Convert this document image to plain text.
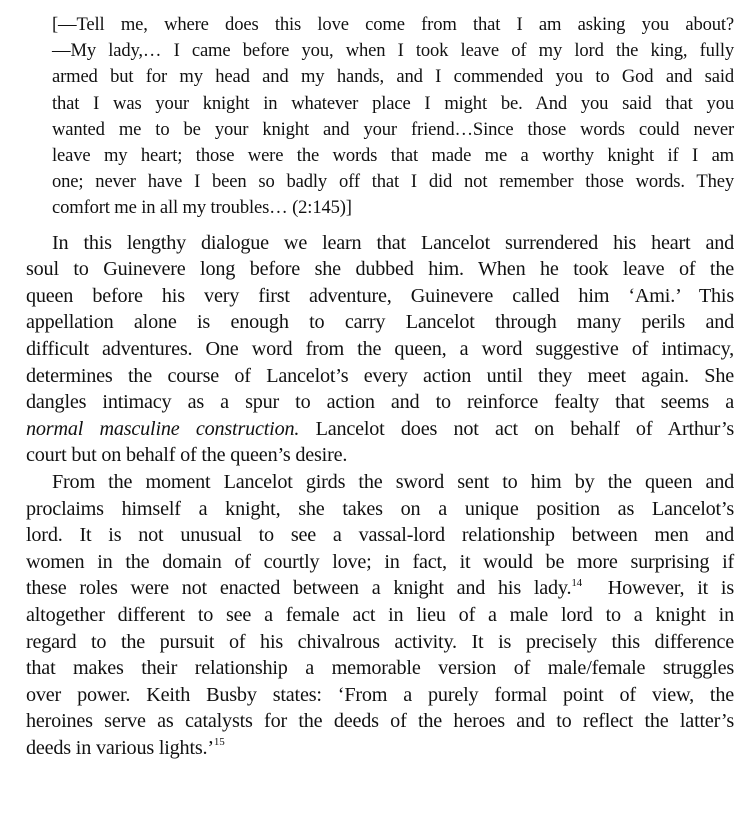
[—Tell me, where does this love come from that I am asking you about?
—My lady,… I came before you, when I took leave of my lord the king, fully
armed but for my head and my hands, and I commended you to God and said
that I was your knight in whatever place I might be. And you said that you
wanted me to be your knight and your friend…Since those words could never
leave my heart; those were the words that made me a worthy knight if I am
one; never have I been so badly off that I did not remember those words. They
comfort me in all my troubles… (2:145)]
In this lengthy dialogue we learn that Lancelot surrendered his heart and
soul to Guinevere long before she dubbed him. When he took leave of the
queen before his very first adventure, Guinevere called him ‘Ami.’ This
appellation alone is enough to carry Lancelot through many perils and
difficult adventures. One word from the queen, a word suggestive of intimacy,
determines the course of Lancelot’s every action until they meet again. She
dangles intimacy as a spur to action and to reinforce fealty that seems a
normal masculine construction. Lancelot does not act on behalf of Arthur’s
court but on behalf of the queen’s desire.
From the moment Lancelot girds the sword sent to him by the queen and
proclaims himself a knight, she takes on a unique position as Lancelot’s
lord. It is not unusual to see a vassal-lord relationship between men and
women in the domain of courtly love; in fact, it would be more surprising if
these roles were not enacted between a knight and his lady.$^{14}$  However, it is
altogether different to see a female act in lieu of a male lord to a knight in
regard to the pursuit of his chivalrous activity. It is precisely this difference
that makes their relationship a memorable version of male/female struggles
over power. Keith Busby states: ‘From a purely formal point of view, the
heroines serve as catalysts for the deeds of the heroes and to reflect the latter’s
deeds in various lights.’$^{15}$
